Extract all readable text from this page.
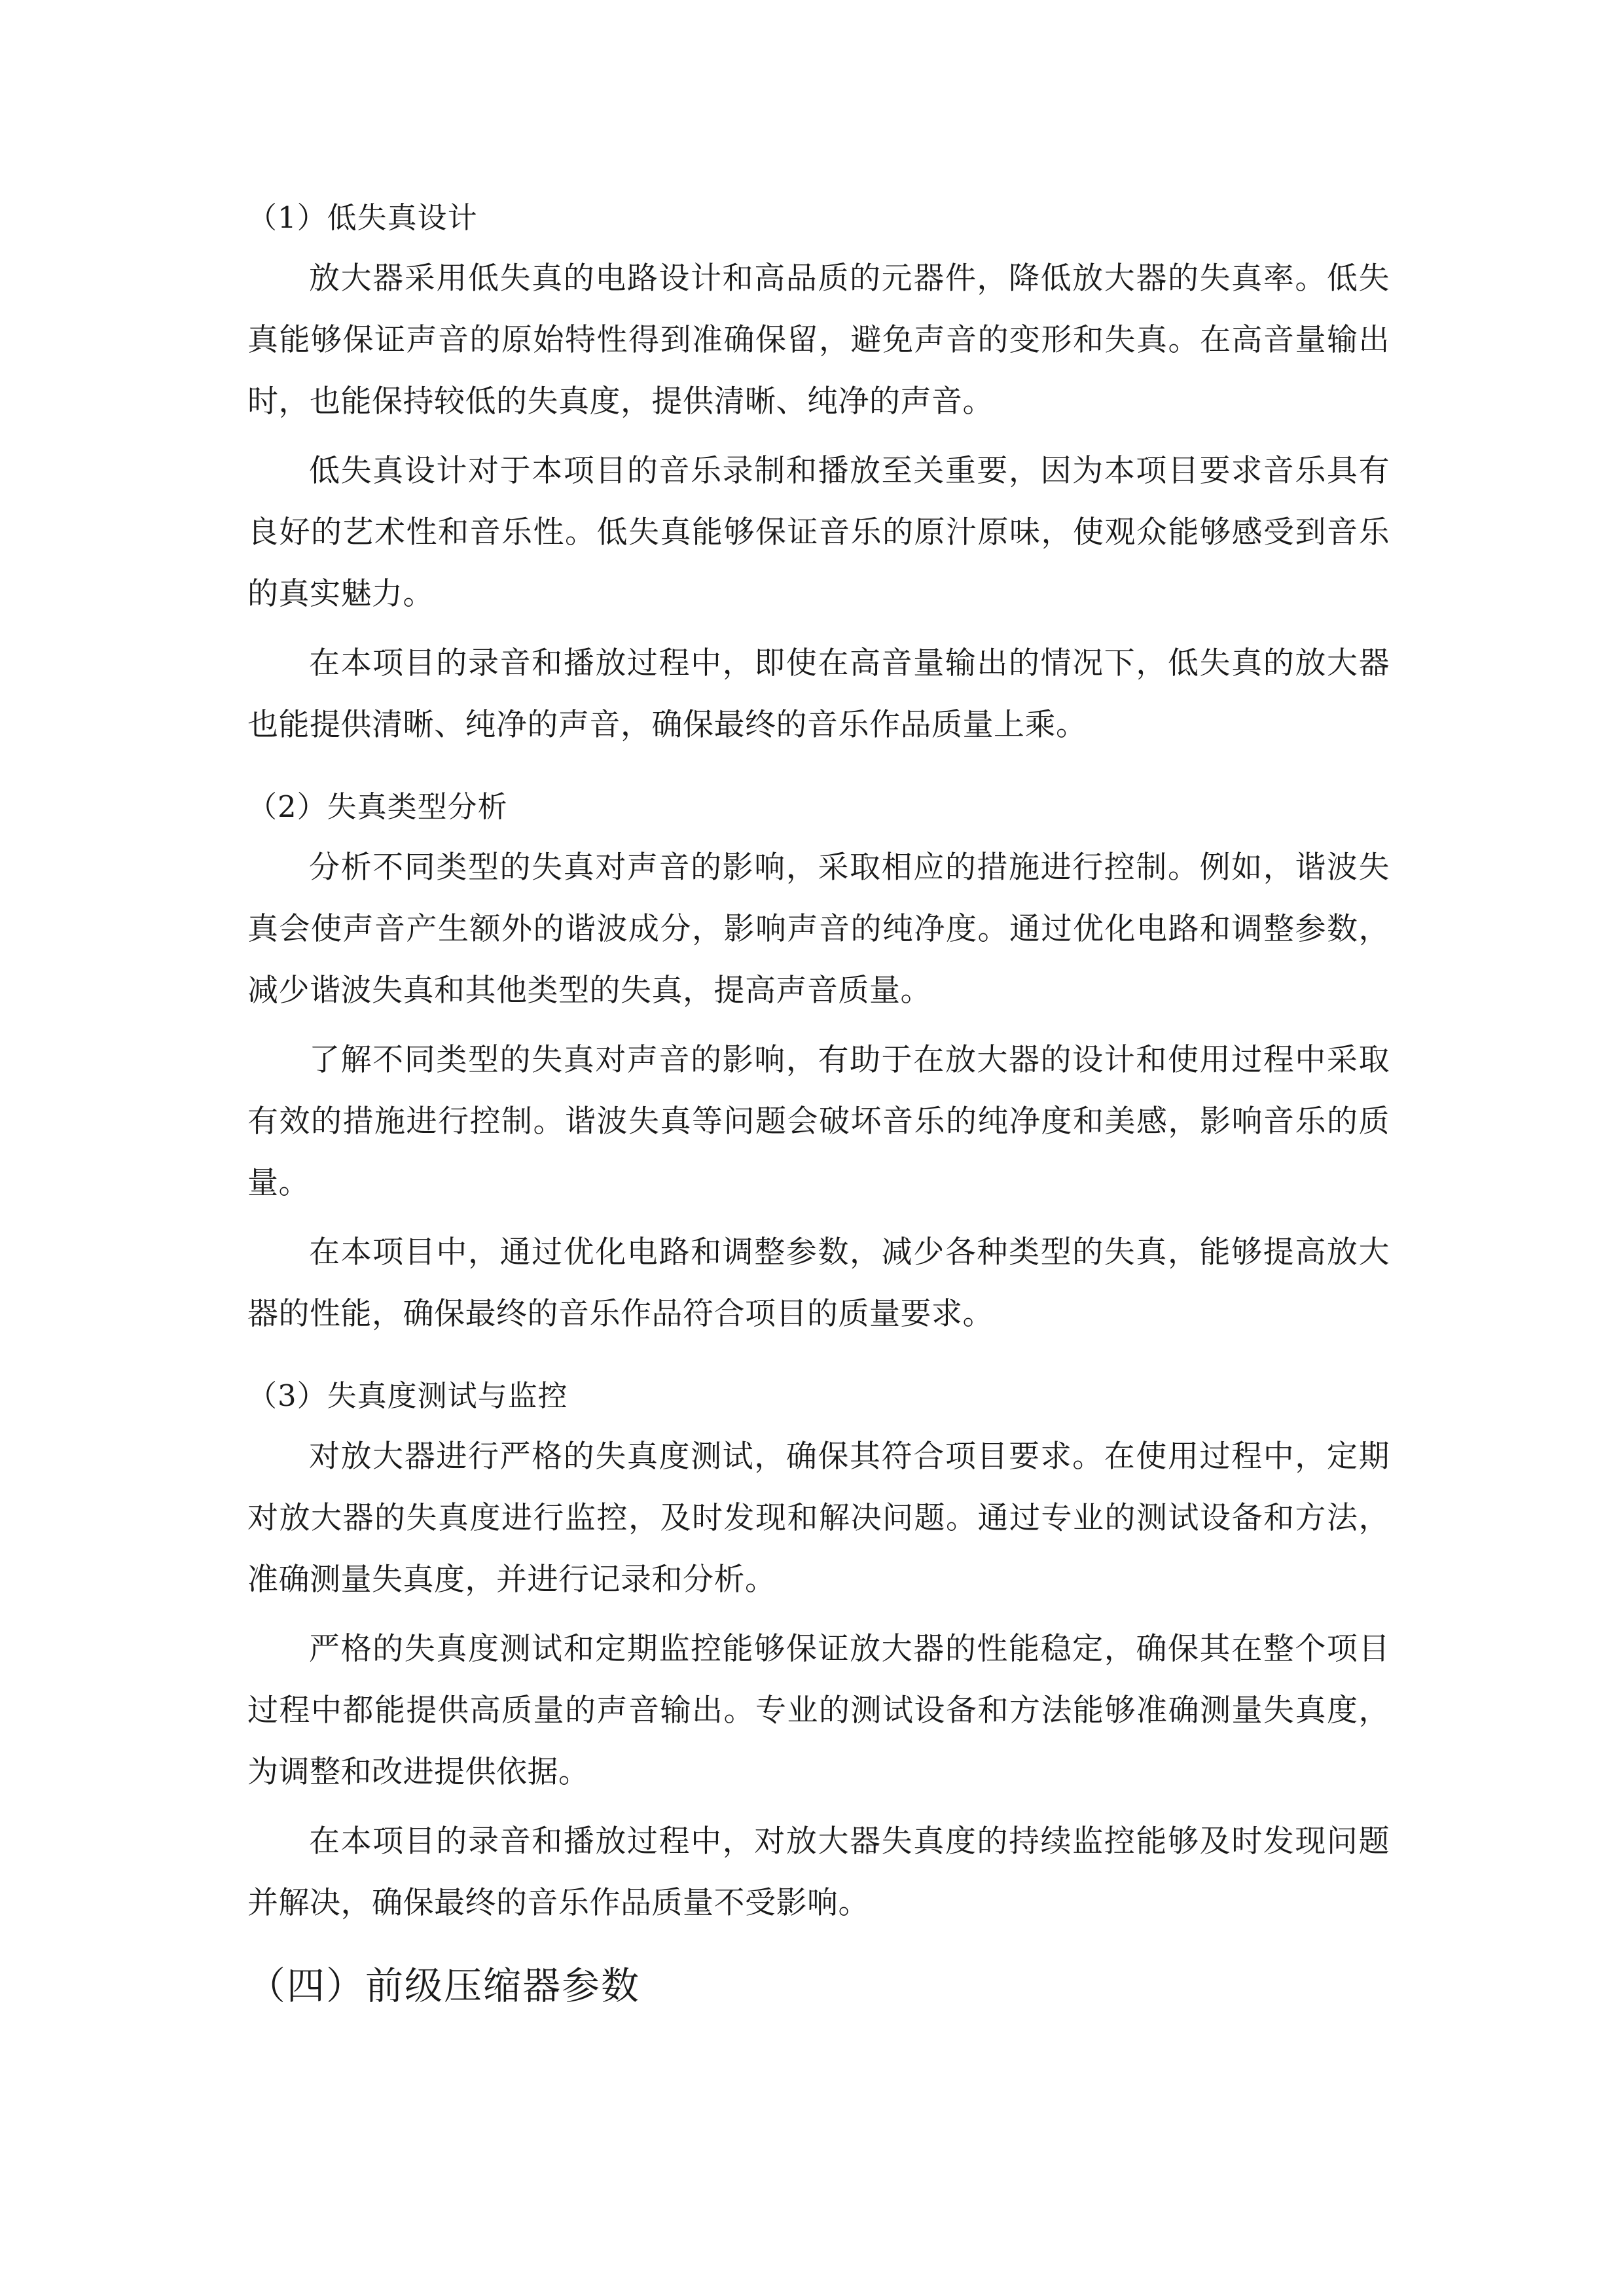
（1）低失真设计

放大器采用低失真的电路设计和高品质的元器件，降低放大器的失真率。低失真能够保证声音的原始特性得到准确保留，避免声音的变形和失真。在高音量输出时，也能保持较低的失真度，提供清晰、纯净的声音。

低失真设计对于本项目的音乐录制和播放至关重要，因为本项目要求音乐具有良好的艺术性和音乐性。低失真能够保证音乐的原汁原味，使观众能够感受到音乐的真实魅力。

在本项目的录音和播放过程中，即使在高音量输出的情况下，低失真的放大器也能提供清晰、纯净的声音，确保最终的音乐作品质量上乘。

（2）失真类型分析

分析不同类型的失真对声音的影响，采取相应的措施进行控制。例如，谐波失真会使声音产生额外的谐波成分，影响声音的纯净度。通过优化电路和调整参数，减少谐波失真和其他类型的失真，提高声音质量。

了解不同类型的失真对声音的影响，有助于在放大器的设计和使用过程中采取有效的措施进行控制。谐波失真等问题会破坏音乐的纯净度和美感，影响音乐的质量。

在本项目中，通过优化电路和调整参数，减少各种类型的失真，能够提高放大器的性能，确保最终的音乐作品符合项目的质量要求。

（3）失真度测试与监控

对放大器进行严格的失真度测试，确保其符合项目要求。在使用过程中，定期对放大器的失真度进行监控，及时发现和解决问题。通过专业的测试设备和方法，准确测量失真度，并进行记录和分析。

严格的失真度测试和定期监控能够保证放大器的性能稳定，确保其在整个项目过程中都能提供高质量的声音输出。专业的测试设备和方法能够准确测量失真度，为调整和改进提供依据。

在本项目的录音和播放过程中，对放大器失真度的持续监控能够及时发现问题并解决，确保最终的音乐作品质量不受影响。

（四）前级压缩器参数
